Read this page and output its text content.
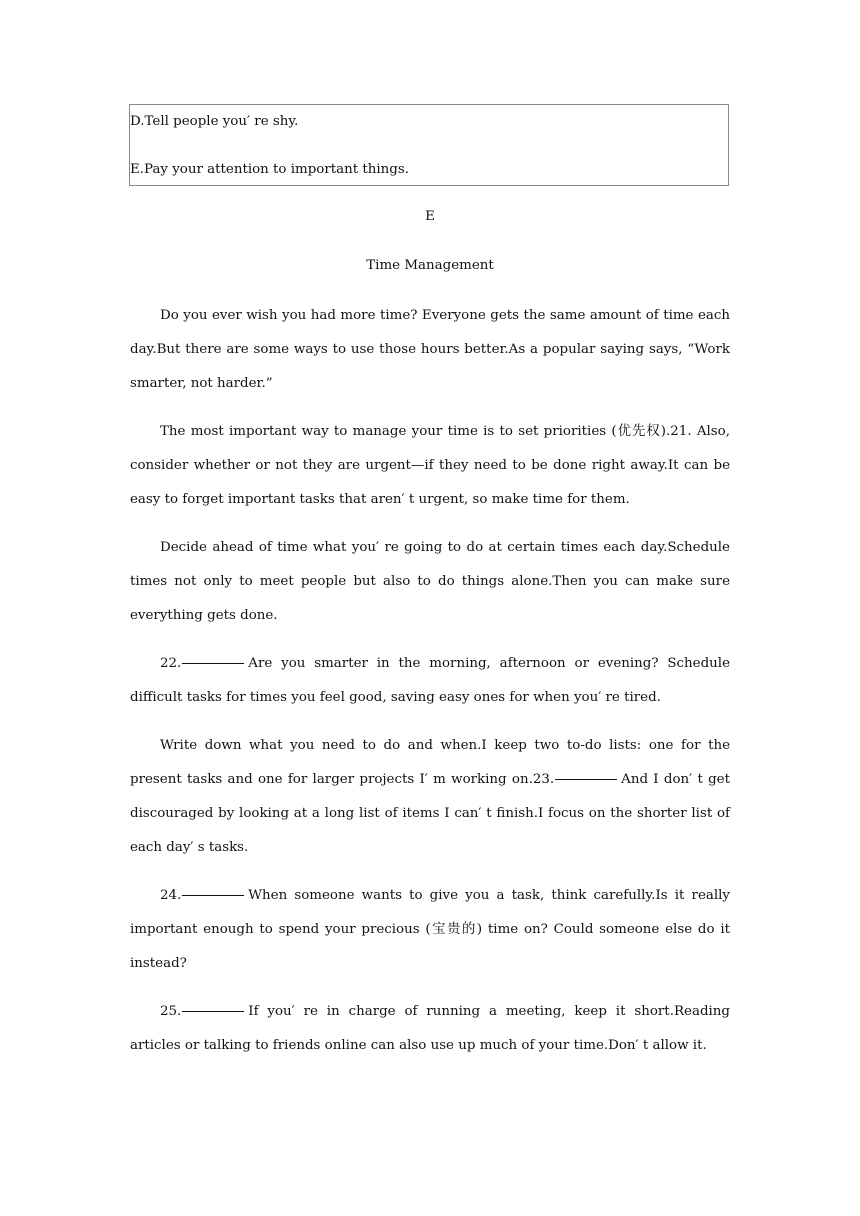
D.Tell people you′ re shy.
E.Pay your attention to important things.
E
Time Management

Do you ever wish you had more time? Everyone gets the same amount of time each day.But there are some ways to use those hours better.As a popular saying says, “Work smarter, not harder.”

The most important way to manage your time is to set priorities (优先权).21. Also, consider whether or not they are urgent—if they need to be done right away.It can be easy to forget important tasks that aren′ t urgent, so make time for them.

Decide ahead of time what you′ re going to do at certain times each day.Schedule times not only to meet people but also to do things alone.Then you can make sure everything gets done.

22.	Are you smarter in the morning, afternoon or evening? Schedule difficult tasks for times you feel good, saving easy ones for when you′ re tired.

Write down what you need to do and when.I keep two to-do lists: one for the present tasks and one for larger projects I′ m working on.23.	And I don′ t get discouraged by looking at a long list of items I can′ t finish.I focus on the shorter list of each day′ s tasks.

24.	When someone wants to give you a task, think carefully.Is it really important enough to spend your precious (宝贵的) time on? Could someone else do it instead?

25.	If you′ re in charge of running a meeting, keep it short.Reading articles or talking to friends online can also use up much of your time.Don′ t allow it.
